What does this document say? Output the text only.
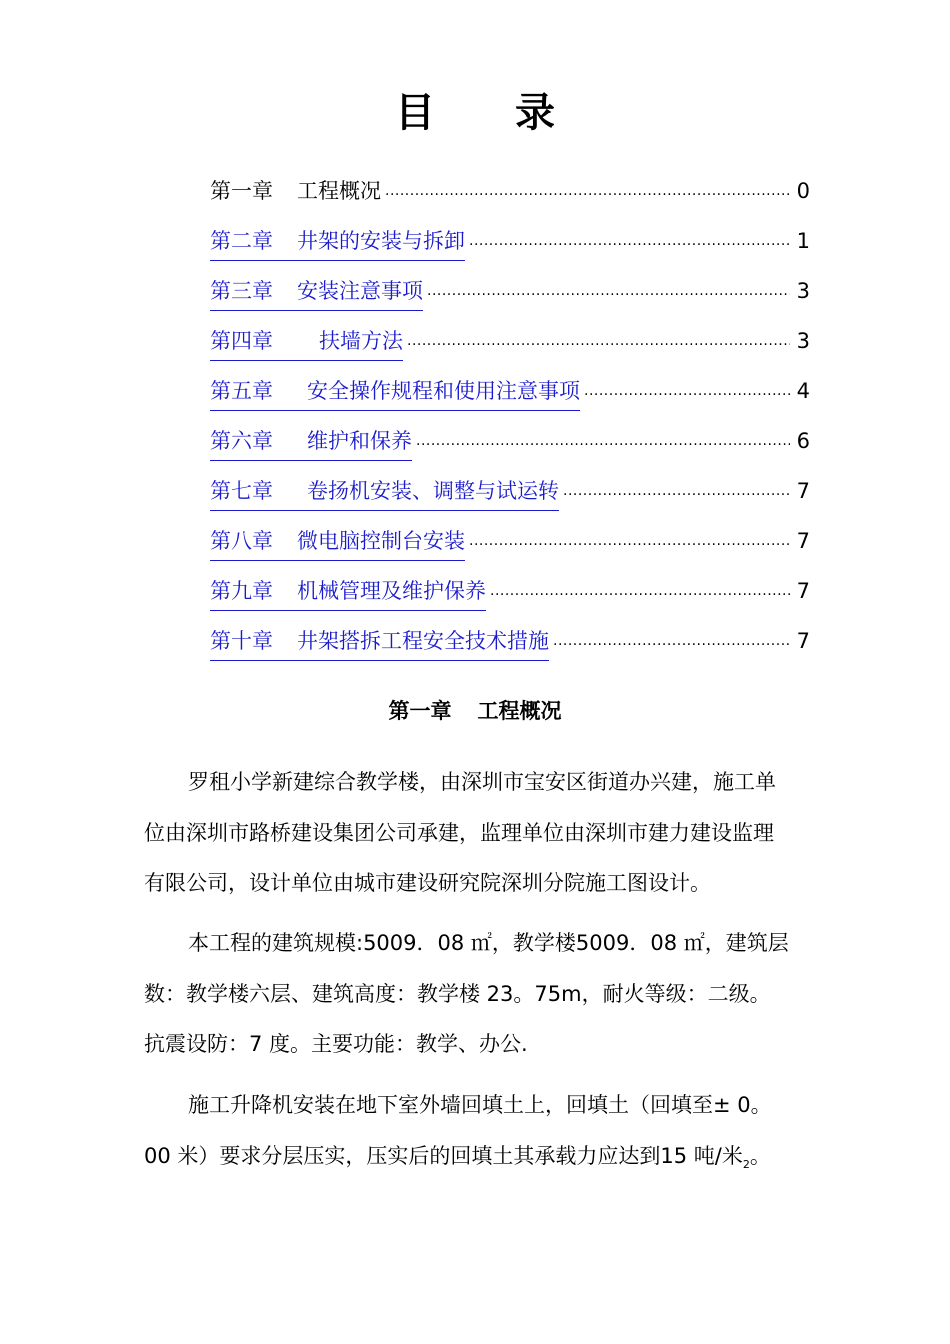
目 录
第一章 工程概况 .....	0
第二章 井架的安装与拆卸 .....	1
第三章 安装注意事项 .....	3
第四章 扶墙方法 .....	3
第五章 安全操作规程和使用注意事项 .....	4
第六章 维护和保养 .....	6
第七章 卷扬机安装、调整与试运转 .....	7
第八章 微电脑控制台安装 .....	7
第九章 机械管理及维护保养 .....	7
第十章 井架搭拆工程安全技术措施 .....	7
第一章 工程概况
罗租小学新建综合教学楼，由深圳市宝安区街道办兴建，施工单
位由深圳市路桥建设集团公司承建，监理单位由深圳市建力建设监理
有限公司，设计单位由城市建设研究院深圳分院施工图设计。
本工程的建筑规模:5009．08 ㎡，教学楼5009．08 ㎡，建筑层
数：教学楼六层、建筑高度：教学楼 23。75m，耐火等级：二级。
抗震设防：7 度。主要功能：教学、办公.
施工升降机安装在地下室外墙回填土上，回填土（回填至± 0。
00 米）要求分层压实，压实后的回填土其承载力应达到15 吨/米$_2$。
